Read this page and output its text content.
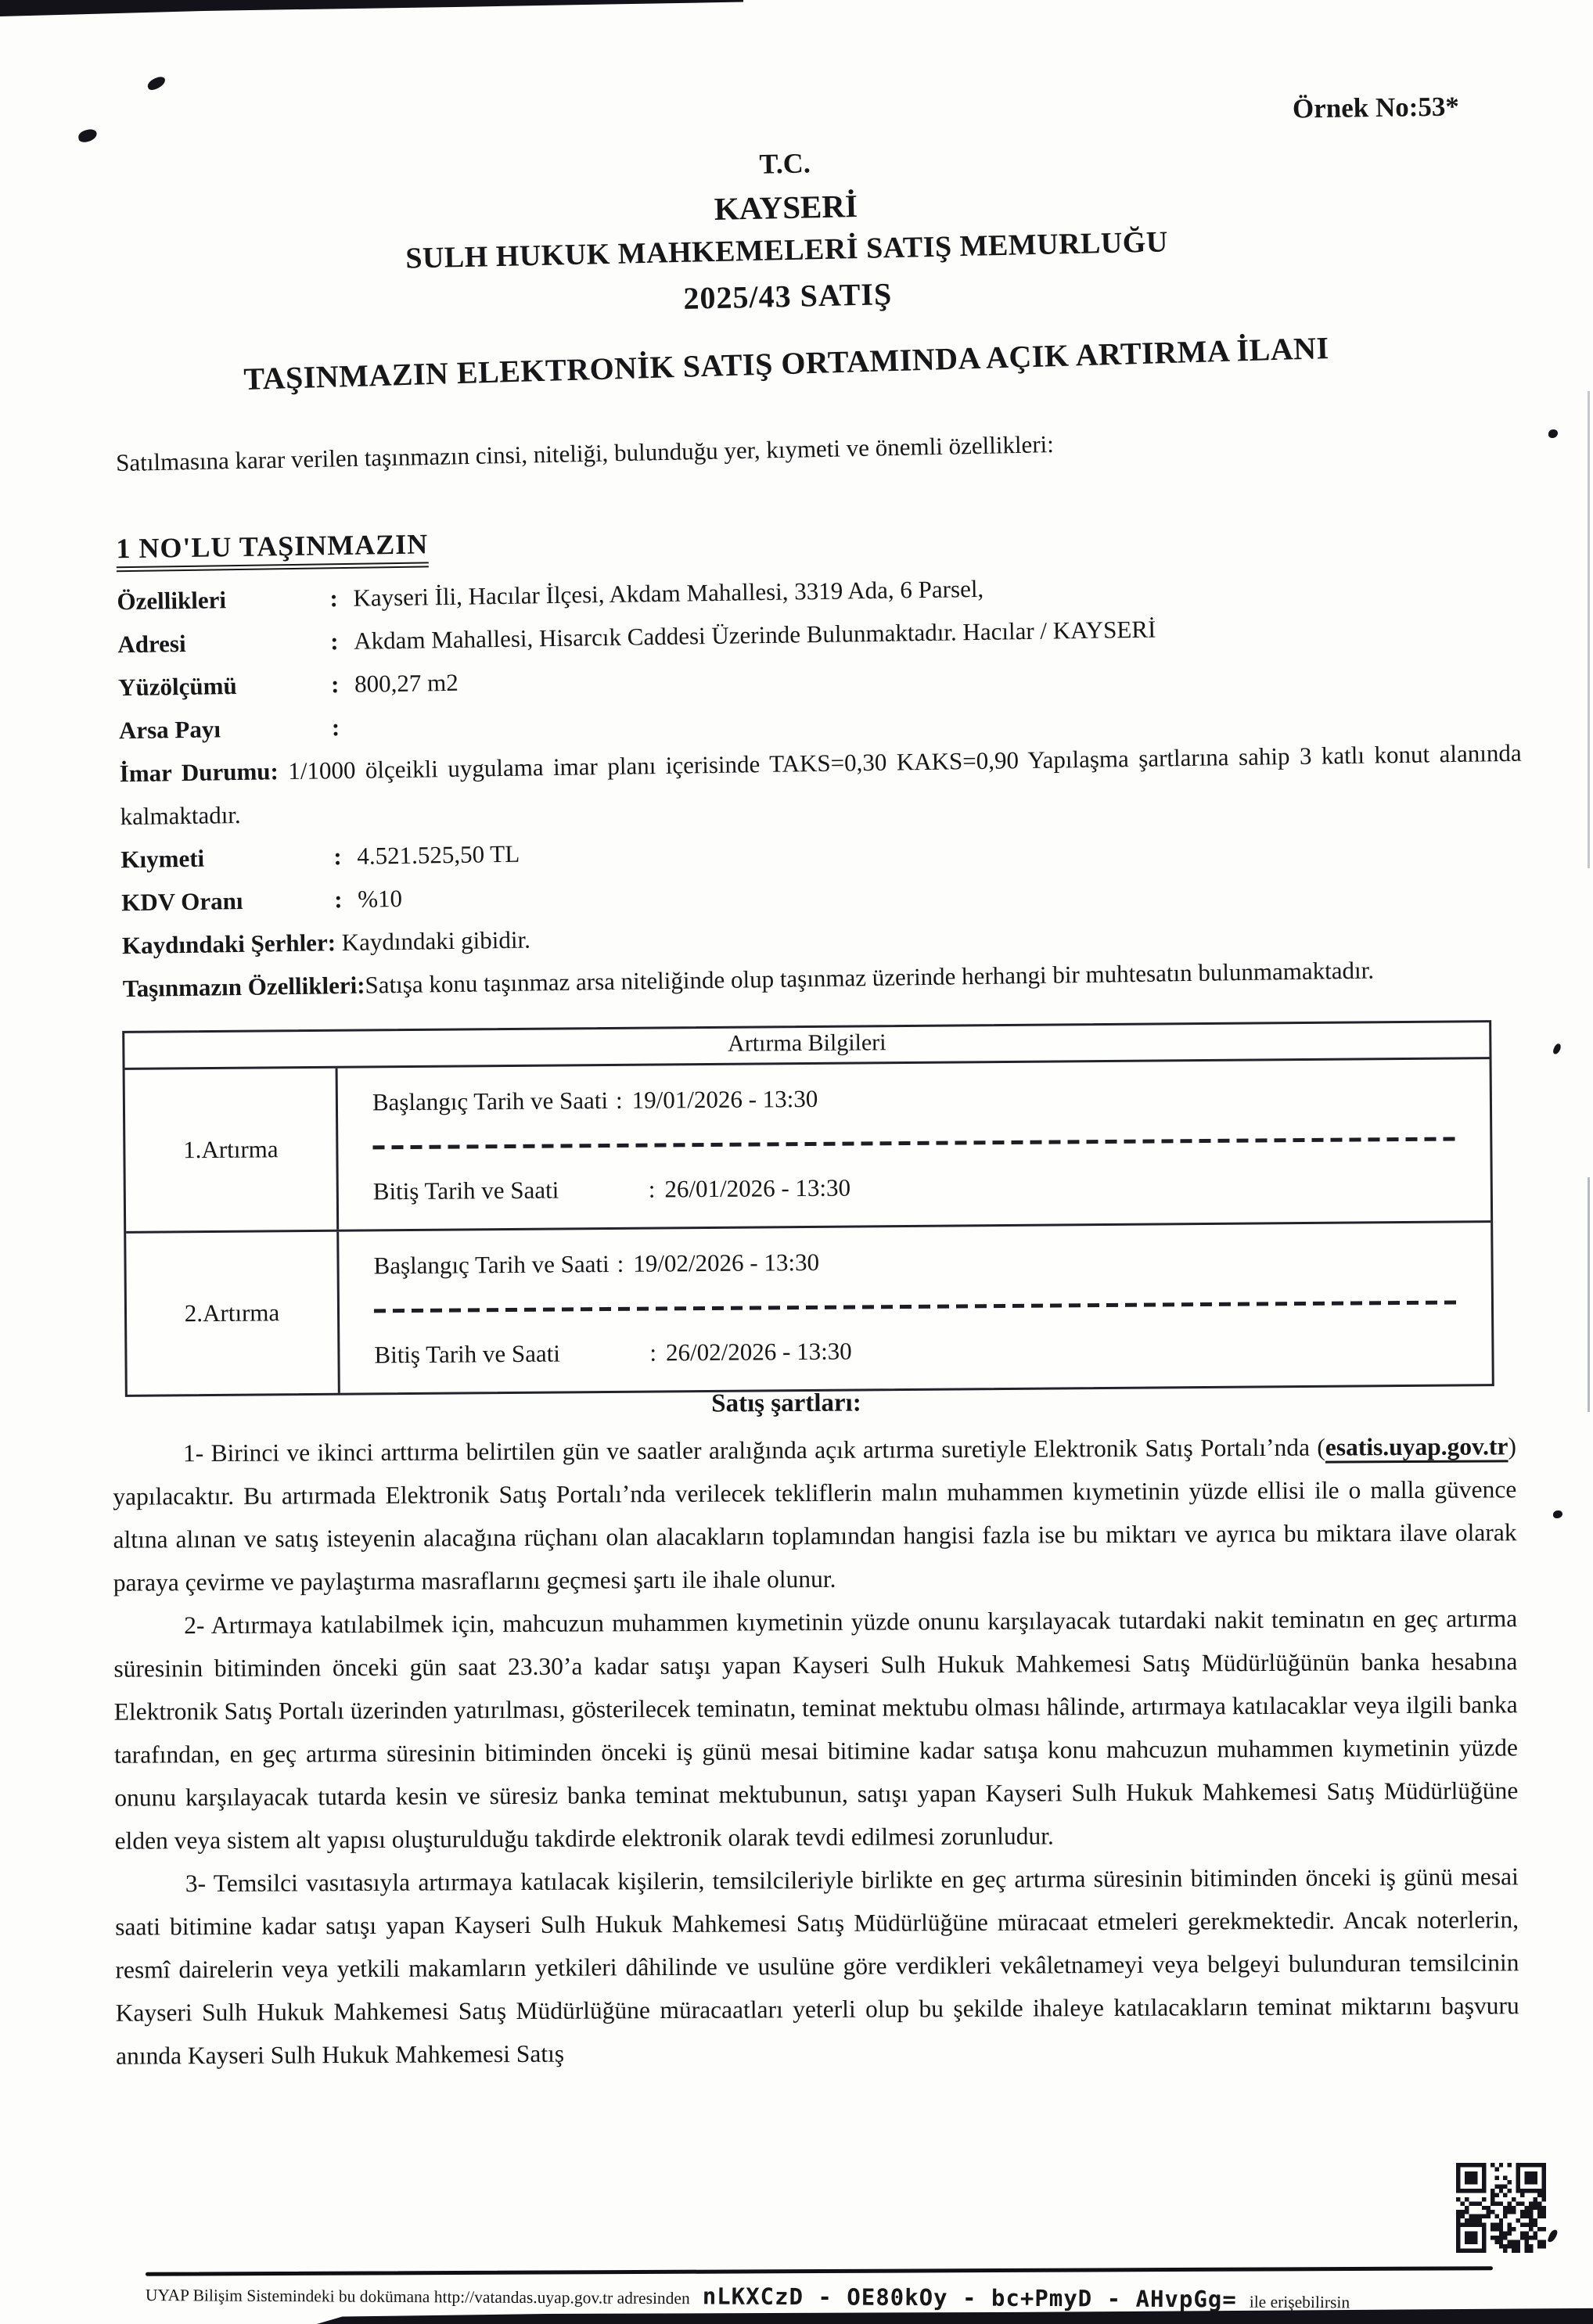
Örnek No:53*
T.C.
KAYSERİ
SULH HUKUK MAHKEMELERİ SATIŞ MEMURLUĞU
2025/43 SATIŞ
TAŞINMAZIN ELEKTRONİK SATIŞ ORTAMINDA AÇIK ARTIRMA İLANI
Satılmasına karar verilen taşınmazın cinsi, niteliği, bulunduğu yer, kıymeti ve önemli özellikleri:
1 NO'LU TAŞINMAZIN
Özellikleri	: Kayseri İli, Hacılar İlçesi, Akdam Mahallesi, 3319 Ada, 6 Parsel,
Adresi	: Akdam Mahallesi, Hisarcık Caddesi Üzerinde Bulunmaktadır. Hacılar / KAYSERİ
Yüzölçümü	: 800,27 m2
Arsa Payı	:
İmar Durumu: 1/1000 ölçeikli uygulama imar planı içerisinde TAKS=0,30 KAKS=0,90 Yapılaşma şartlarına sahip 3 katlı konut alanında kalmaktadır.
Kıymeti	: 4.521.525,50 TL
KDV Oranı	: %10
Kaydındaki Şerhler: Kaydındaki gibidir.
Taşınmazın Özellikleri:Satışa konu taşınmaz arsa niteliğinde olup taşınmaz üzerinde herhangi bir muhtesatın bulunmamaktadır.
Artırma Bilgileri
1.Artırma
Başlangıç Tarih ve Saati : 19/01/2026 - 13:30
Bitiş Tarih ve Saati	: 26/01/2026 - 13:30
2.Artırma
Başlangıç Tarih ve Saati : 19/02/2026 - 13:30
Bitiş Tarih ve Saati	: 26/02/2026 - 13:30
Satış şartları:

1- Birinci ve ikinci arttırma belirtilen gün ve saatler aralığında açık artırma suretiyle Elektronik Satış Portalı’nda (esatis.uyap.gov.tr) yapılacaktır. Bu artırmada Elektronik Satış Portalı’nda verilecek tekliflerin malın muhammen kıymetinin yüzde ellisi ile o malla güvence altına alınan ve satış isteyenin alacağına rüçhanı olan alacakların toplamından hangisi fazla ise bu miktarı ve ayrıca bu miktara ilave olarak paraya çevirme ve paylaştırma masraflarını geçmesi şartı ile ihale olunur.

2- Artırmaya katılabilmek için, mahcuzun muhammen kıymetinin yüzde onunu karşılayacak tutardaki nakit teminatın en geç artırma süresinin bitiminden önceki gün saat 23.30’a kadar satışı yapan Kayseri Sulh Hukuk Mahkemesi Satış Müdürlüğünün banka hesabına Elektronik Satış Portalı üzerinden yatırılması, gösterilecek teminatın, teminat mektubu olması hâlinde, artırmaya katılacaklar veya ilgili banka tarafından, en geç artırma süresinin bitiminden önceki iş günü mesai bitimine kadar satışa konu mahcuzun muhammen kıymetinin yüzde onunu karşılayacak tutarda kesin ve süresiz banka teminat mektubunun, satışı yapan Kayseri Sulh Hukuk Mahkemesi Satış Müdürlüğüne elden veya sistem alt yapısı oluşturulduğu takdirde elektronik olarak tevdi edilmesi zorunludur.

3- Temsilci vasıtasıyla artırmaya katılacak kişilerin, temsilcileriyle birlikte en geç artırma süresinin bitiminden önceki iş günü mesai saati bitimine kadar satışı yapan Kayseri Sulh Hukuk Mahkemesi Satış Müdürlüğüne müracaat etmeleri gerekmektedir. Ancak noterlerin, resmî dairelerin veya yetkili makamların yetkileri dâhilinde ve usulüne göre verdikleri vekâletnameyi veya belgeyi bulunduran temsilcinin Kayseri Sulh Hukuk Mahkemesi Satış Müdürlüğüne müracaatları yeterli olup bu şekilde ihaleye katılacakların teminat miktarını başvuru anında Kayseri Sulh Hukuk Mahkemesi Satış

UYAP Bilişim Sistemindeki bu dokümana http://vatandas.uyap.gov.tr adresinden nLKXCzD - OE80kOy - bc+PmyD - AHvpGg= ile erişebilirsin
